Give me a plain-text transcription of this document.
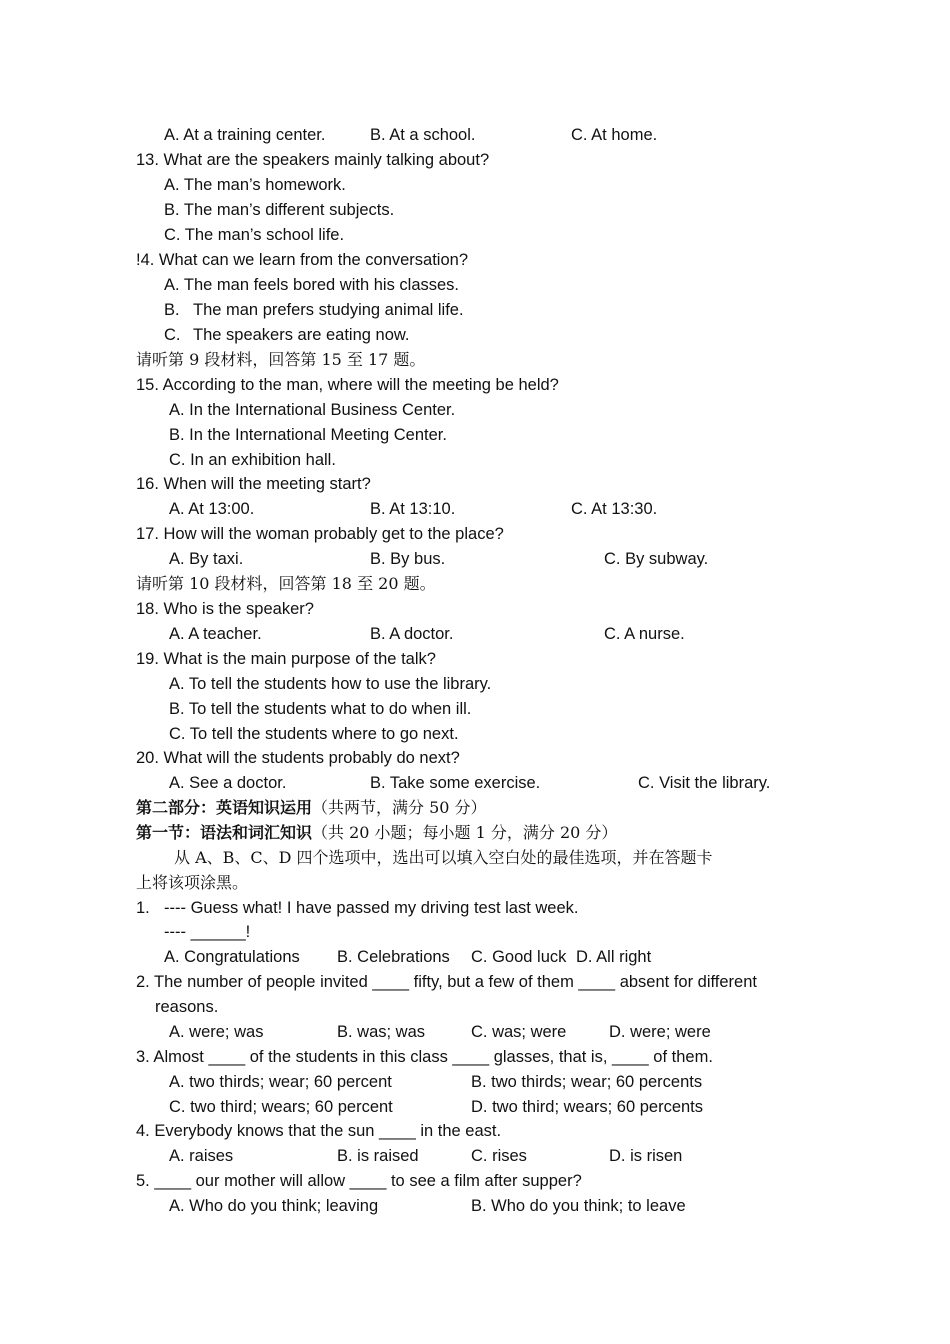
A. At a training center.	B. At a school.	C. At home.
13. What are the speakers mainly talking about?
A. The man’s homework.
B. The man’s different subjects.
C. The man’s school life.
!4. What can we learn from the conversation?
A. The man feels bored with his classes.
B. The man prefers studying animal life.
C. The speakers are eating now.
请听第 9 段材料，回答第 15 至 17 题。
15. According to the man, where will the meeting be held?
A. In the International Business Center.
B. In the International Meeting Center.
C. In an exhibition hall.
16. When will the meeting start?
A. At 13:00.	B. At 13:10.	C. At 13:30.
17. How will the woman probably get to the place?
A. By taxi.	B. By bus.	C. By subway.
请听第 10 段材料，回答第 18 至 20 题。
18. Who is the speaker?
A. A teacher.	B. A doctor.	C. A nurse.
19. What is the main purpose of the talk?
A. To tell the students how to use the library.
B. To tell the students what to do when ill.
C. To tell the students where to go next.
20. What will the students probably do next?
A. See a doctor.	B. Take some exercise.	C. Visit the library.
第二部分：英语知识运用（共两节，满分 50 分）
第一节：语法和词汇知识（共 20 小题；每小题 1 分，满分 20 分）
从 A、B、C、D 四个选项中，选出可以填入空白处的最佳选项，并在答题卡
上将该项涂黑。
1. ---- Guess what! I have passed my driving test last week.
---- ______!
A. Congratulations B. Celebrations C. Good luck D. All right
2. The number of people invited ____ fifty, but a few of them ____ absent for different
reasons.
A. were; was	B. was; was	C. was; were	D. were; were
3. Almost ____ of the students in this class ____ glasses, that is, ____ of them.
A. two thirds; wear; 60 percent	B. two thirds; wear; 60 percents
C. two third; wears; 60 percent	D. two third; wears; 60 percents
4. Everybody knows that the sun ____ in the east.
A. raises	B. is raised	C. rises	D. is risen
5. ____ our mother will allow ____ to see a film after supper?
A. Who do you think; leaving	B. Who do you think; to leave
